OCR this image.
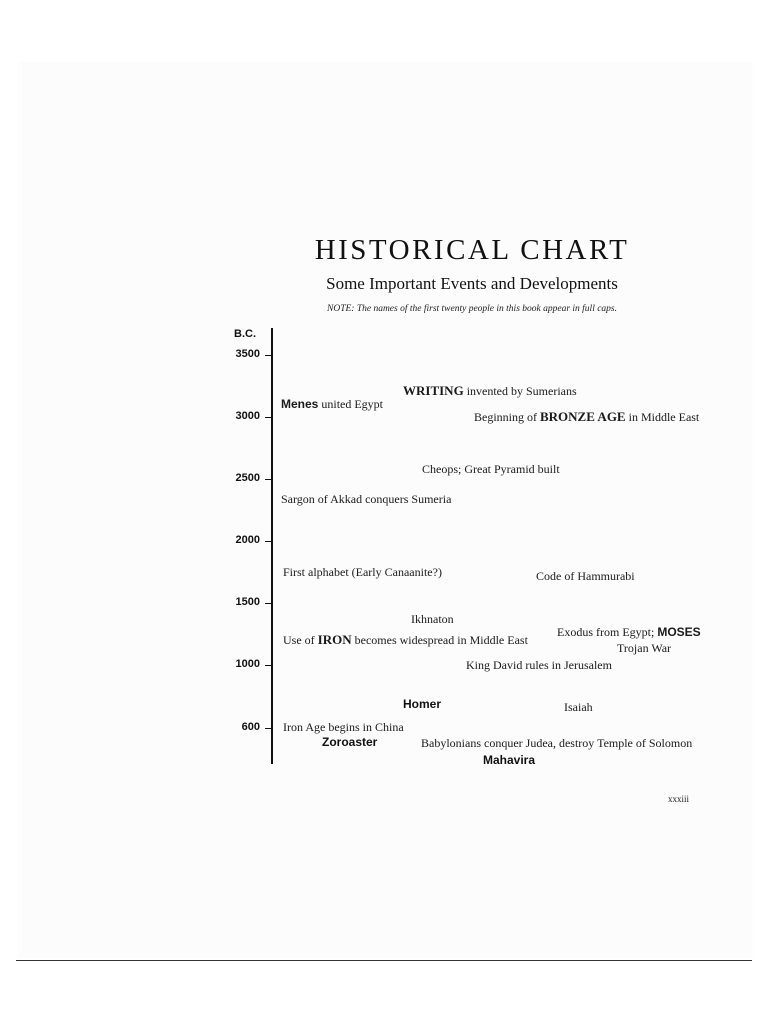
HISTORICAL CHART
Some Important Events and Developments
NOTE: The names of the first twenty people in this book appear in full caps.
B.C.
3500
3000
2500
2000
1500
1000
600
WRITING invented by Sumerians
Menes united Egypt
Beginning of BRONZE AGE in Middle East
Cheops; Great Pyramid built
Sargon of Akkad conquers Sumeria
First alphabet (Early Canaanite?)	Code of Hammurabi
Ikhnaton
Exodus from Egypt; MOSES
Use of IRON becomes widespread in Middle East
Trojan War
King David rules in Jerusalem
Homer	Isaiah
Iron Age begins in China
Zoroaster	Babylonians conquer Judea, destroy Temple of Solomon
Mahavira
xxxiii
